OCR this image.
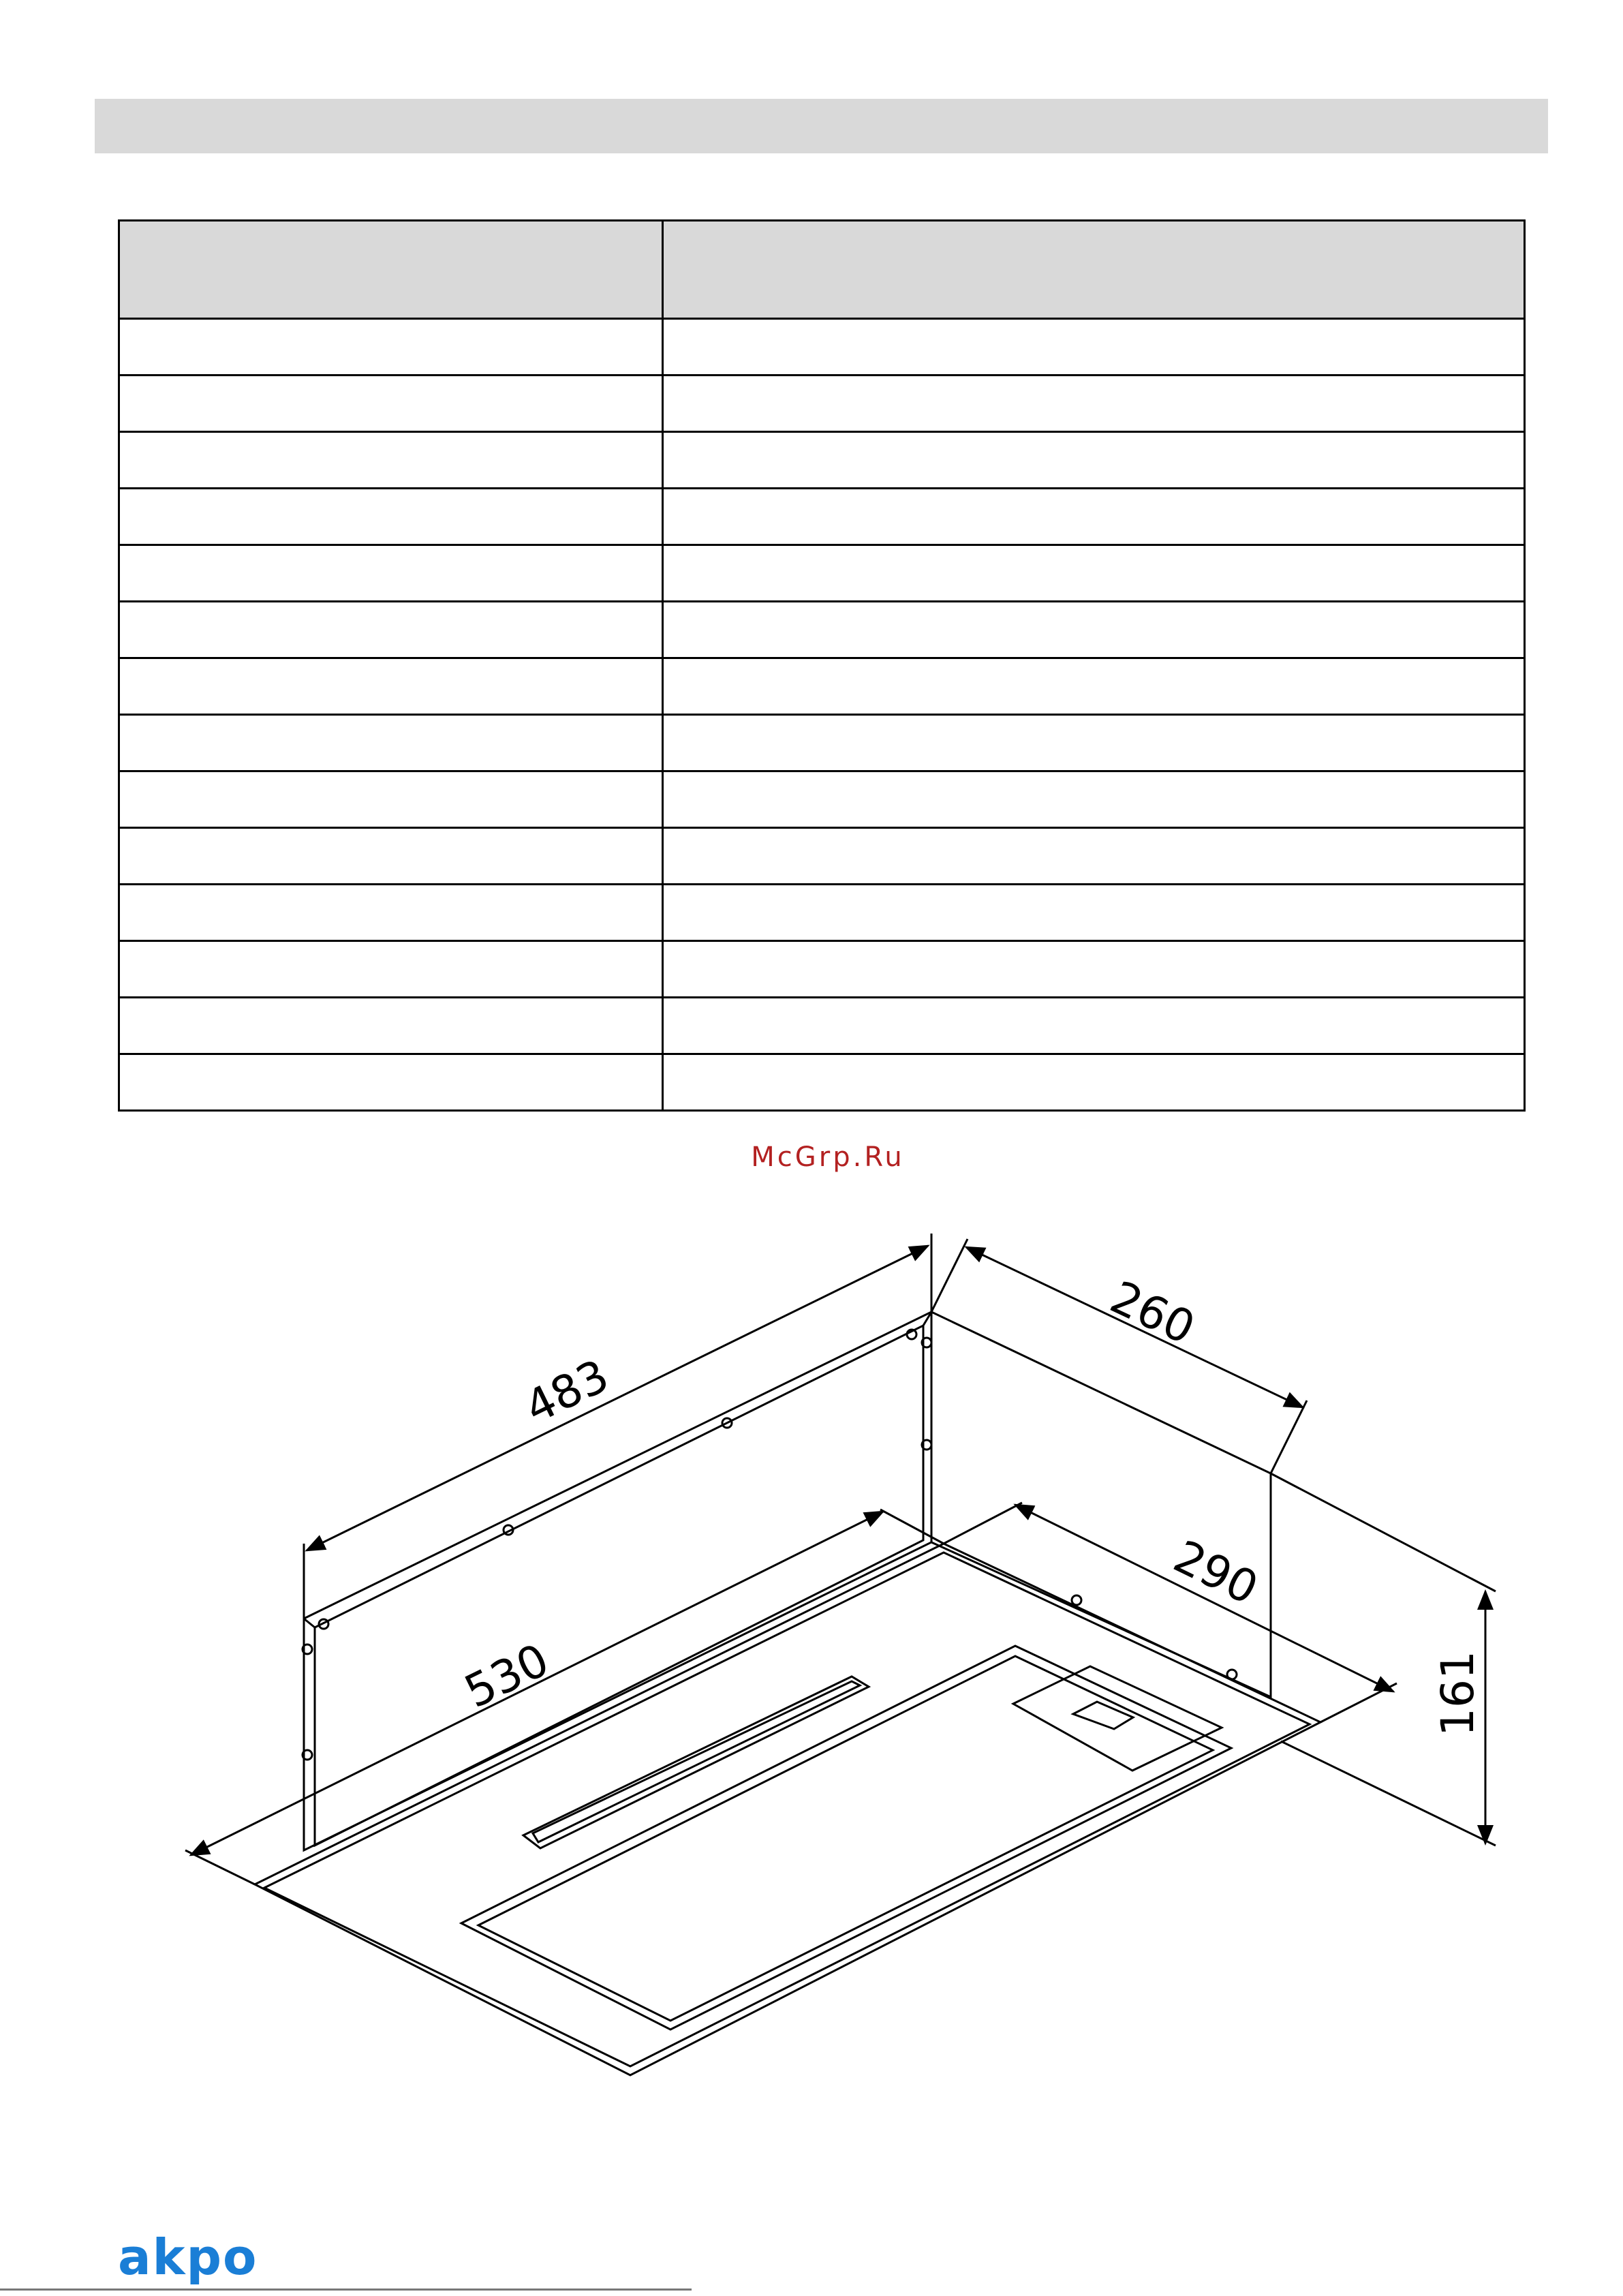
McGrp.Ru
483
260
290
530	161
akpo
